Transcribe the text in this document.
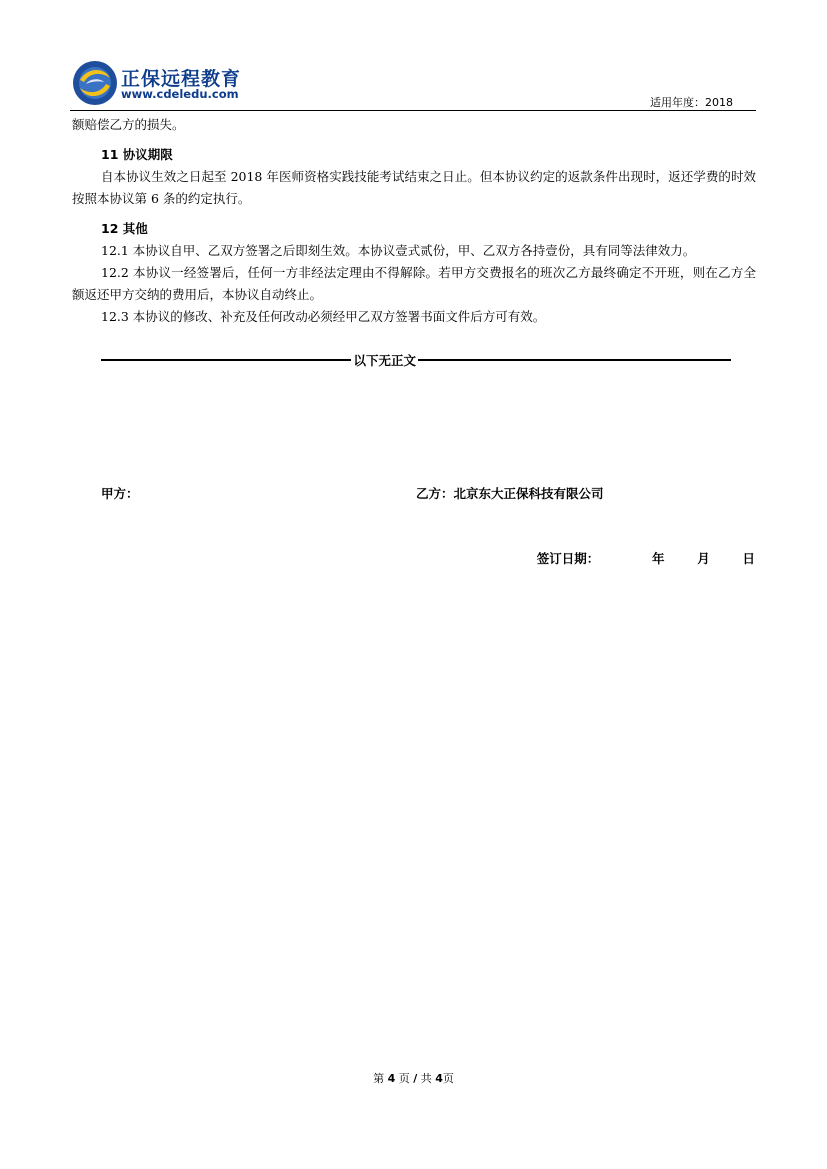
正保远程教育
www.cdeledu.com
适用年度：2018

额赔偿乙方的损失。

11 协议期限

自本协议生效之日起至 2018 年医师资格实践技能考试结束之日止。但本协议约定的返款条件出现时，返还学费的时效按照本协议第 6 条的约定执行。

12 其他

12.1 本协议自甲、乙双方签署之后即刻生效。本协议壹式贰份，甲、乙双方各持壹份，具有同等法律效力。

12.2 本协议一经签署后，任何一方非经法定理由不得解除。若甲方交费报名的班次乙方最终确定不开班，则在乙方全额返还甲方交纳的费用后，本协议自动终止。

12.3 本协议的修改、补充及任何改动必须经甲乙双方签署书面文件后方可有效。

以下无正文
甲方：	乙方：北京东大正保科技有限公司
签订日期：	年	月	日
第 4 页 / 共 4页
